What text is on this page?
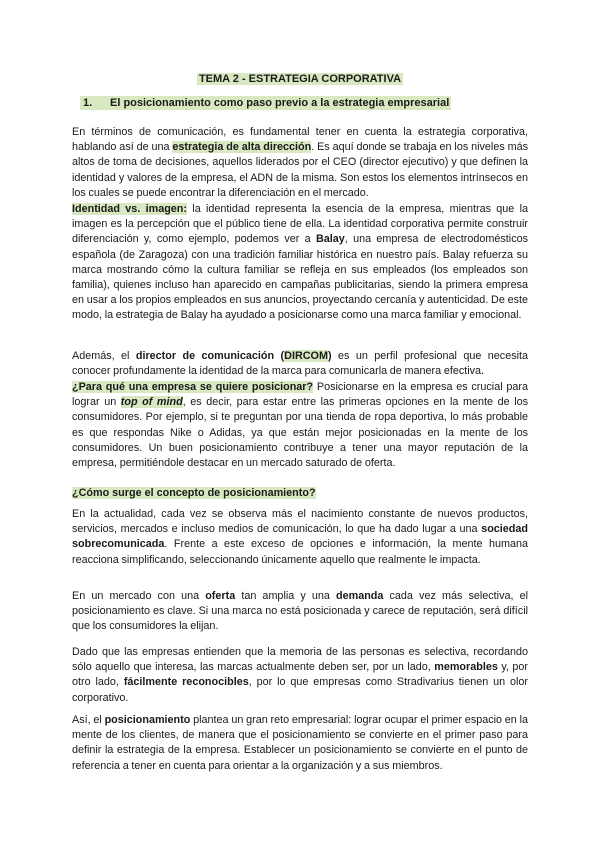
TEMA 2 - ESTRATEGIA CORPORATIVA
1. El posicionamiento como paso previo a la estrategia empresarial

En términos de comunicación, es fundamental tener en cuenta la estrategia corporativa, hablando así de una estrategia de alta dirección. Es aquí donde se trabaja en los niveles más altos de toma de decisiones, aquellos liderados por el CEO (director ejecutivo) y que definen la identidad y valores de la empresa, el ADN de la misma. Son estos los elementos intrínsecos en los cuales se puede encontrar la diferenciación en el mercado.

Identidad vs. imagen: la identidad representa la esencia de la empresa, mientras que la imagen es la percepción que el público tiene de ella. La identidad corporativa permite construir diferenciación y, como ejemplo, podemos ver a Balay, una empresa de electrodomésticos española (de Zaragoza) con una tradición familiar histórica en nuestro país. Balay refuerza su marca mostrando cómo la cultura familiar se refleja en sus empleados (los empleados son familia), quienes incluso han aparecido en campañas publicitarias, siendo la primera empresa en usar a los propios empleados en sus anuncios, proyectando cercanía y autenticidad. De este modo, la estrategia de Balay ha ayudado a posicionarse como una marca familiar y emocional.

Además, el director de comunicación (DIRCOM) es un perfil profesional que necesita conocer profundamente la identidad de la marca para comunicarla de manera efectiva.

¿Para qué una empresa se quiere posicionar? Posicionarse en la empresa es crucial para lograr un top of mind, es decir, para estar entre las primeras opciones en la mente de los consumidores. Por ejemplo, si te preguntan por una tienda de ropa deportiva, lo más probable es que respondas Nike o Adidas, ya que están mejor posicionadas en la mente de los consumidores. Un buen posicionamiento contribuye a tener una mayor reputación de la empresa, permitiéndole destacar en un mercado saturado de oferta.

¿Cómo surge el concepto de posicionamiento?

En la actualidad, cada vez se observa más el nacimiento constante de nuevos productos, servicios, mercados e incluso medios de comunicación, lo que ha dado lugar a una sociedad sobrecomunicada. Frente a este exceso de opciones e información, la mente humana reacciona simplificando, seleccionando únicamente aquello que realmente le impacta.

En un mercado con una oferta tan amplia y una demanda cada vez más selectiva, el posicionamiento es clave. Si una marca no está posicionada y carece de reputación, será difícil que los consumidores la elijan.

Dado que las empresas entienden que la memoria de las personas es selectiva, recordando sólo aquello que interesa, las marcas actualmente deben ser, por un lado, memorables y, por otro lado, fácilmente reconocibles, por lo que empresas como Stradivarius tienen un olor corporativo.

Así, el posicionamiento plantea un gran reto empresarial: lograr ocupar el primer espacio en la mente de los clientes, de manera que el posicionamiento se convierte en el primer paso para definir la estrategia de la empresa. Establecer un posicionamiento se convierte en el punto de referencia a tener en cuenta para orientar a la organización y a sus miembros.
